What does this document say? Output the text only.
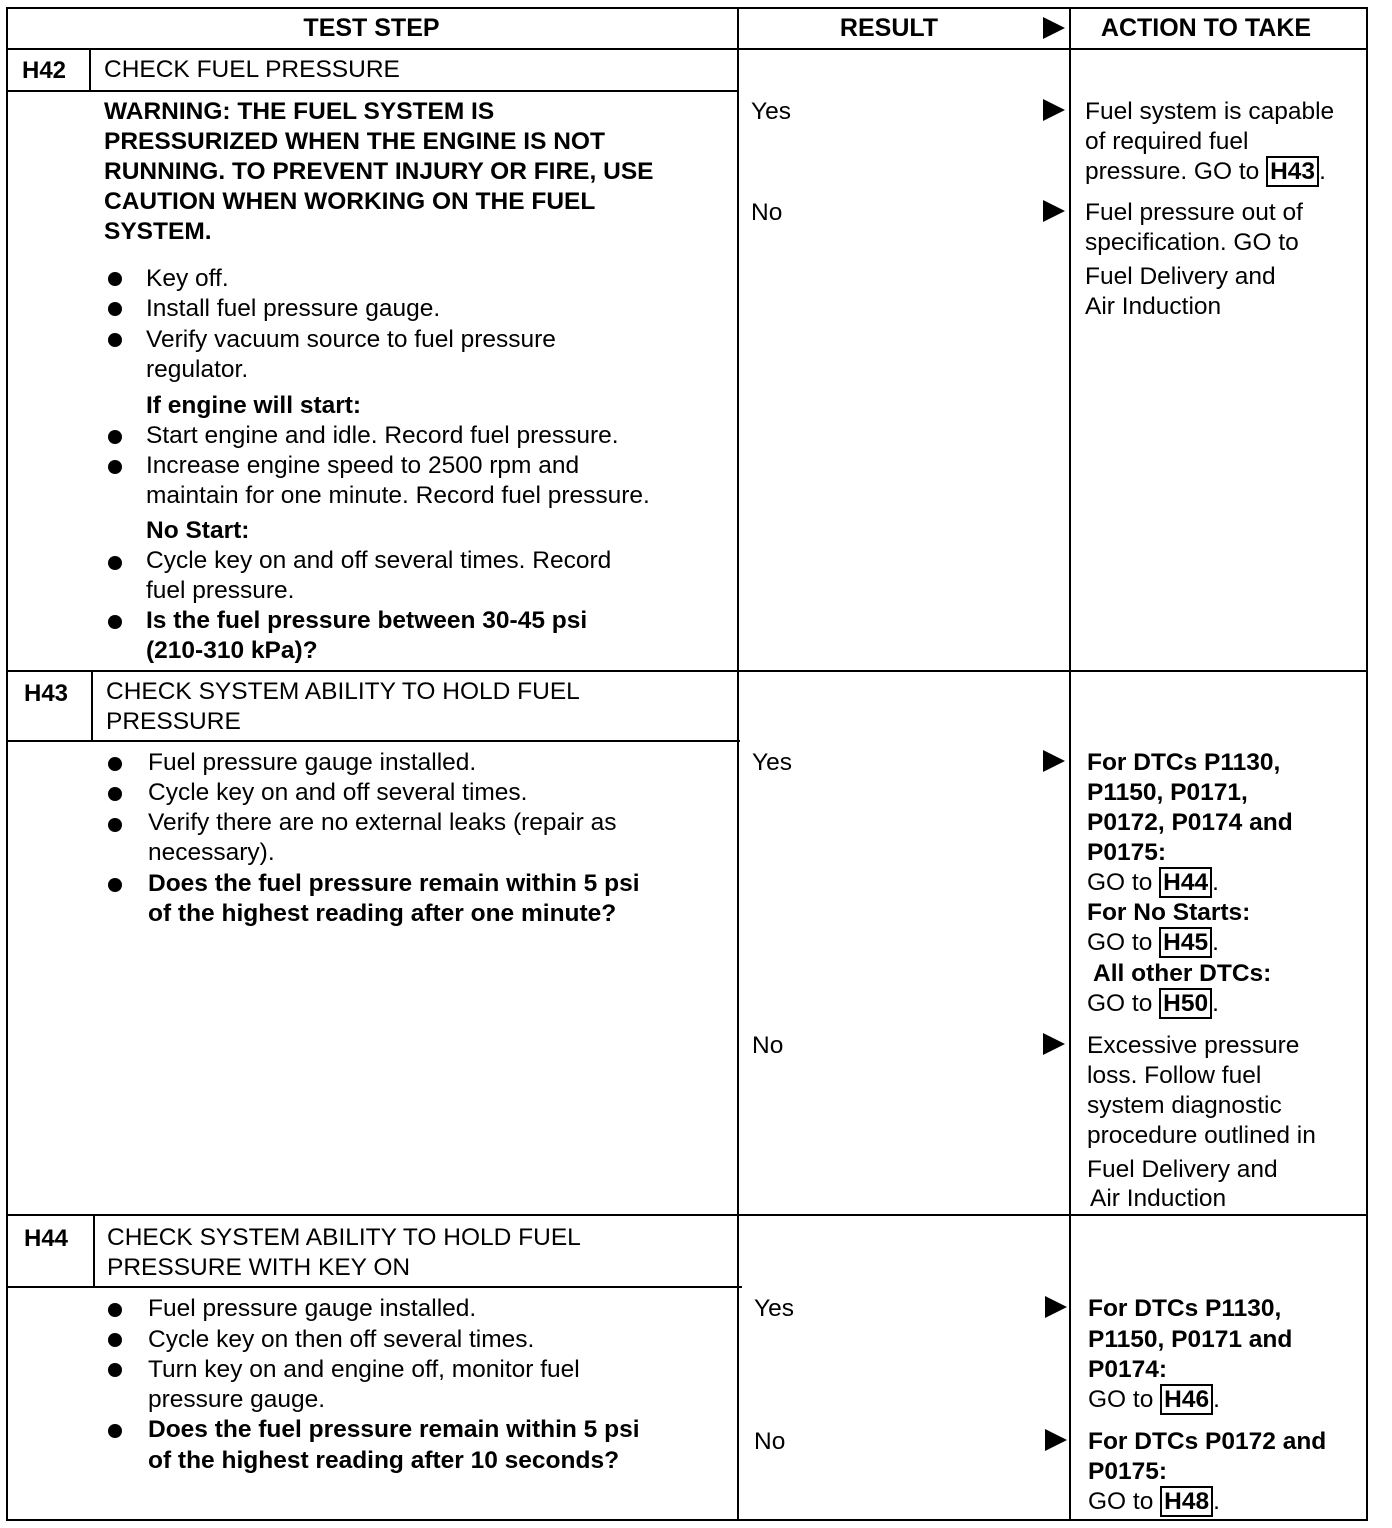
TEST STEP	RESULT	ACTION TO TAKE
H42 CHECK FUEL PRESSURE
WARNING: THE FUEL SYSTEM IS
PRESSURIZED WHEN THE ENGINE IS NOT
RUNNING. TO PREVENT INJURY OR FIRE, USE
CAUTION WHEN WORKING ON THE FUEL
SYSTEM.
Key off.
Install fuel pressure gauge.
Verify vacuum source to fuel pressure
regulator.
If engine will start:
Start engine and idle. Record fuel pressure.
Increase engine speed to 2500 rpm and
maintain for one minute. Record fuel pressure.
No Start:
Cycle key on and off several times. Record
fuel pressure.
Is the fuel pressure between 30-45 psi
(210-310 kPa)?
Yes	Fuel system is capable
of required fuel
pressure. GO to H43 .
No	Fuel pressure out of
specification. GO to
Fuel Delivery and
Air Induction
H43 CHECK SYSTEM ABILITY TO HOLD FUEL
PRESSURE
Fuel pressure gauge installed.
Cycle key on and off several times.
Verify there are no external leaks (repair as
necessary).
Does the fuel pressure remain within 5 psi
of the highest reading after one minute?
Yes	For DTCs P1130,
P1150, P0171,
P0172, P0174 and
P0175:
GO to H44 .
For No Starts:
GO to H45 .
All other DTCs:
GO to H50 .
No	Excessive pressure
loss. Follow fuel
system diagnostic
procedure outlined in
Fuel Delivery and
Air Induction
H44 CHECK SYSTEM ABILITY TO HOLD FUEL
PRESSURE WITH KEY ON
Fuel pressure gauge installed.
Cycle key on then off several times.
Turn key on and engine off, monitor fuel
pressure gauge.
Does the fuel pressure remain within 5 psi
of the highest reading after 10 seconds?
Yes	For DTCs P1130,
P1150, P0171 and
P0174:
GO to H46 .
No	For DTCs P0172 and
P0175:
GO to H48 .
